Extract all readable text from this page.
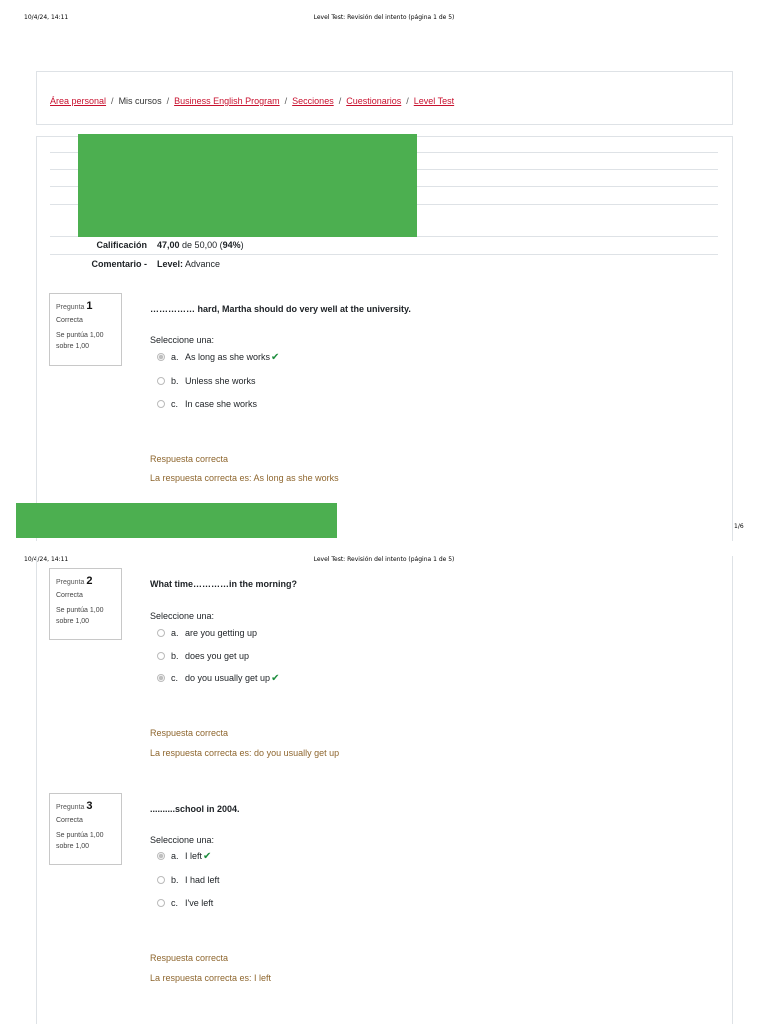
10/4/24, 14:11	Level Test: Revisión del intento (página 1 de 5)
Área personal / Mis cursos / Business English Program / Secciones / Cuestionarios / Level Test
Calificación 47,00 de 50,00 (94%)
Comentario - Level: Advance
Pregunta 1
Correcta
Se puntúa 1,00 sobre 1,00
…………… hard, Martha should do very well at the university.
Seleccione una:
a. As long as she works✔
b. Unless she works
c. In case she works
Respuesta correcta
La respuesta correcta es: As long as she works
1/6
10/4/24, 14:11	Level Test: Revisión del intento (página 1 de 5)
Pregunta 2
Correcta
Se puntúa 1,00 sobre 1,00
What time…………in the morning?
Seleccione una:
a. are you getting up
b. does you get up
c. do you usually get up✔
Respuesta correcta
La respuesta correcta es: do you usually get up
Pregunta 3
Correcta
Se puntúa 1,00 sobre 1,00
..........school in 2004.
Seleccione una:
a. I left✔
b. I had left
c. I've left
Respuesta correcta
La respuesta correcta es: I left
